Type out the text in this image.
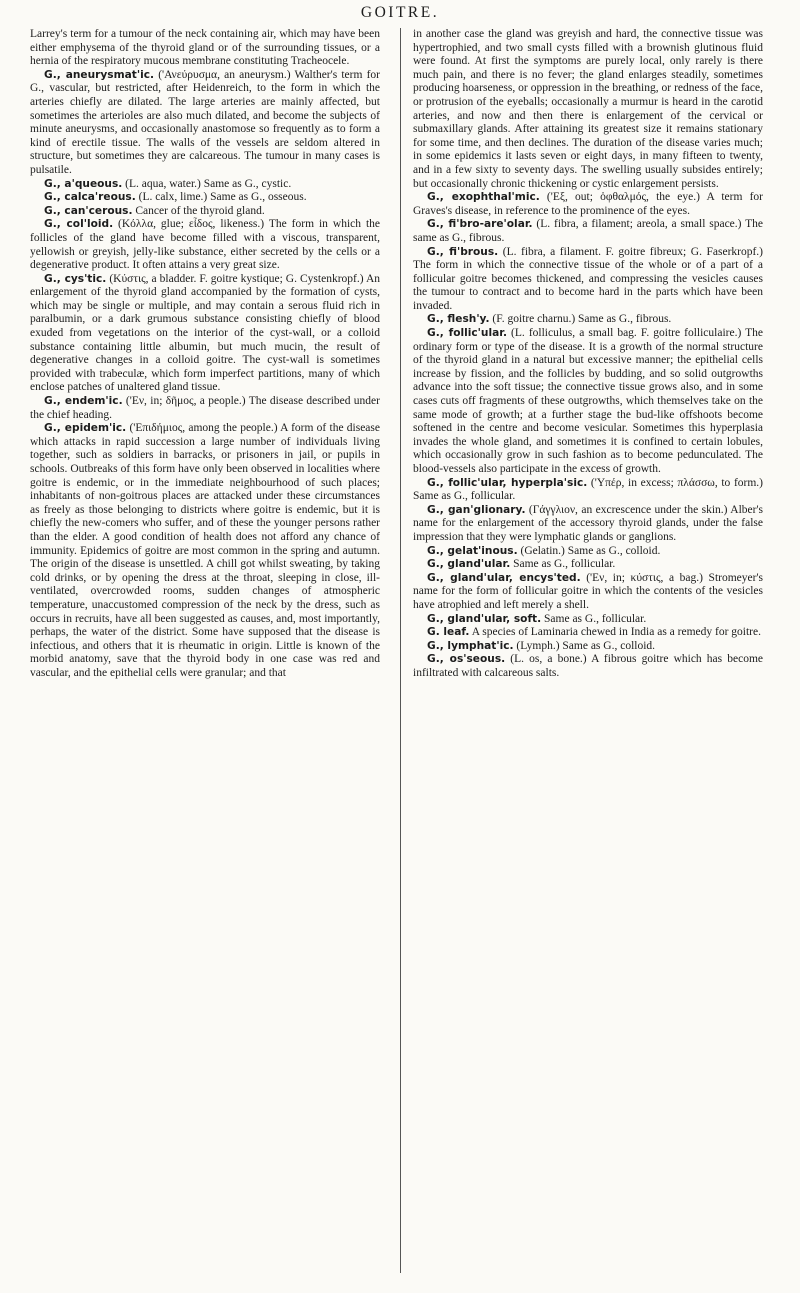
GOITRE.

Larrey's term for a tumour of the neck containing air, which may have been either emphysema of the thyroid gland or of the surrounding tissues, or a hernia of the respiratory mucous membrane constituting Tracheocele.

G., aneurysmat'ic. ('Ανεύρυσμα, an aneurysm.) Walther's term for G., vascular, but restricted, after Heidenreich, to the form in which the arteries chiefly are dilated. The large arteries are mainly affected, but sometimes the arterioles are also much dilated, and become the subjects of minute aneurysms, and occasionally anastomose so frequently as to form a kind of erectile tissue. The walls of the vessels are seldom altered in structure, but sometimes they are calcareous. The tumour in many cases is pulsatile.

G., a'queous. (L. aqua, water.) Same as G., cystic.

G., calca'reous. (L. calx, lime.) Same as G., osseous.

G., can'cerous. Cancer of the thyroid gland.

G., col'loid. (Κόλλα, glue; εἶδος, likeness.) The form in which the follicles of the gland have become filled with a viscous, transparent, yellowish or greyish, jelly-like substance, either secreted by the cells or a degenerative product. It often attains a very great size.

G., cys'tic. (Κύστις, a bladder. F. goitre kystique; G. Cystenkropf.) An enlargement of the thyroid gland accompanied by the formation of cysts, which may be single or multiple, and may contain a serous fluid rich in paralbumin, or a dark grumous substance consisting chiefly of blood exuded from vegetations on the interior of the cyst-wall, or a colloid substance containing little albumin, but much mucin, the result of degenerative changes in a colloid goitre. The cyst-wall is sometimes provided with trabeculæ, which form imperfect partitions, many of which enclose patches of unaltered gland tissue.

G., endem'ic. ('Εν, in; δῆμος, a people.) The disease described under the chief heading.

G., epidem'ic. ('Επιδήμιος, among the people.) A form of the disease which attacks in rapid succession a large number of individuals living together, such as soldiers in barracks, or prisoners in jail, or pupils in schools. Outbreaks of this form have only been observed in localities where goitre is endemic, or in the immediate neighbourhood of such places; inhabitants of non-goitrous places are attacked under these circumstances as freely as those belonging to districts where goitre is endemic, but it is chiefly the new-comers who suffer, and of these the younger persons rather than the elder. A good condition of health does not afford any chance of immunity. Epidemics of goitre are most common in the spring and autumn. The origin of the disease is unsettled. A chill got whilst sweating, by taking cold drinks, or by opening the dress at the throat, sleeping in close, ill-ventilated, overcrowded rooms, sudden changes of atmospheric temperature, unaccustomed compression of the neck by the dress, such as occurs in recruits, have all been suggested as causes, and, most importantly, perhaps, the water of the district. Some have supposed that the disease is infectious, and others that it is rheumatic in origin. Little is known of the morbid anatomy, save that the thyroid body in one case was red and vascular, and the epithelial cells were granular; and that

in another case the gland was greyish and hard, the connective tissue was hypertrophied, and two small cysts filled with a brownish glutinous fluid were found. At first the symptoms are purely local, only rarely is there much pain, and there is no fever; the gland enlarges steadily, sometimes producing hoarseness, or oppression in the breathing, or redness of the face, or protrusion of the eyeballs; occasionally a murmur is heard in the carotid arteries, and now and then there is enlargement of the cervical or submaxillary glands. After attaining its greatest size it remains stationary for some time, and then declines. The duration of the disease varies much; in some epidemics it lasts seven or eight days, in many fifteen to twenty, and in a few sixty to seventy days. The swelling usually subsides entirely; but occasionally chronic thickening or cystic enlargement persists.

G., exophthal'mic. ('Εξ, out; ὀφθαλμός, the eye.) A term for Graves's disease, in reference to the prominence of the eyes.

G., fi'bro-are'olar. (L. fibra, a filament; areola, a small space.) The same as G., fibrous.

G., fi'brous. (L. fibra, a filament. F. goitre fibreux; G. Faserkropf.) The form in which the connective tissue of the whole or of a part of a follicular goitre becomes thickened, and compressing the vesicles causes the tumour to contract and to become hard in the parts which have been invaded.

G., flesh'y. (F. goitre charnu.) Same as G., fibrous.

G., follic'ular. (L. folliculus, a small bag. F. goitre folliculaire.) The ordinary form or type of the disease. It is a growth of the normal structure of the thyroid gland in a natural but excessive manner; the epithelial cells increase by fission, and the follicles by budding, and so solid outgrowths advance into the soft tissue; the connective tissue grows also, and in some cases cuts off fragments of these outgrowths, which themselves take on the same mode of growth; at a further stage the bud-like offshoots become softened in the centre and become vesicular. Sometimes this hyperplasia invades the whole gland, and sometimes it is confined to certain lobules, which occasionally grow in such fashion as to become pedunculated. The blood-vessels also participate in the excess of growth.

G., follic'ular, hyperpla'sic. ('Υπέρ, in excess; πλάσσω, to form.) Same as G., follicular.

G., gan'glionary. (Γάγγλιον, an excrescence under the skin.) Alber's name for the enlargement of the accessory thyroid glands, under the false impression that they were lymphatic glands or ganglions.

G., gelat'inous. (Gelatin.) Same as G., colloid.

G., gland'ular. Same as G., follicular.

G., gland'ular, encys'ted. ('Εν, in; κύστις, a bag.) Stromeyer's name for the form of follicular goitre in which the contents of the vesicles have atrophied and left merely a shell.

G., gland'ular, soft. Same as G., follicular.

G. leaf. A species of Laminaria chewed in India as a remedy for goitre.

G., lymphat'ic. (Lymph.) Same as G., colloid.

G., os'seous. (L. os, a bone.) A fibrous goitre which has become infiltrated with calcareous salts.
